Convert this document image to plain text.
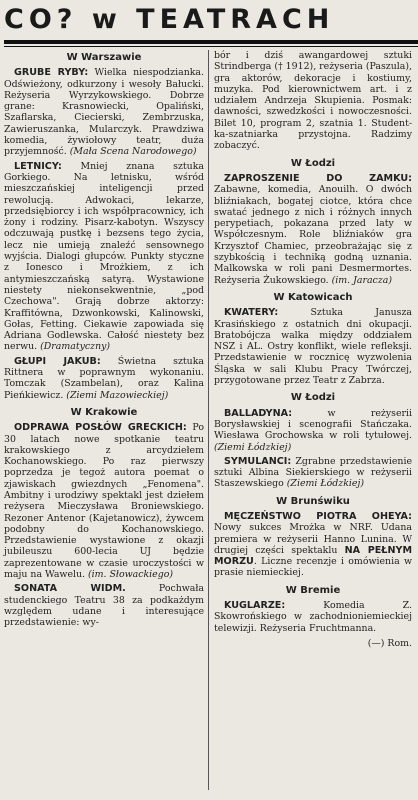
CO? w TEATRACH
W Warszawie

GRUBE RYBY: Wielka niespodzianka. Odświeżony, odkurzony i wesoły Bałucki. Reżyseria Wyrzykowskiego. Dobrze grane: Krasnowiecki, Opaliński, Szaflarska, Ciecierski, Zembrzuska, Zawieruszanka, Mularczyk. Prawdziwa komedia, żywiołowy teatr, duża przyjemność. (Mała Scena Narodowego)

LETNICY: Mniej znana sztuka Gorkiego. Na letnisku, wśród mieszczańskiej inteligencji przed rewolucją. Adwokaci, lekarze, przedsiębiorcy i ich współpracownicy, ich żony i rodziny. Pisarz-kabotyn. Wszyscy odczuwają pustkę i bezsens tego życia, lecz nie umieją znaleźć sensownego wyjścia. Dialogi głupców. Punkty styczne z Ionesco i Mrożkiem, z ich antymieszczańską satyrą. Wystawione niestety niekonsekwentnie, „pod Czechowa". Grają dobrze aktorzy: Kraffitówna, Dzwonkowski, Kalinowski, Gołas, Fetting. Ciekawie zapowiada się Adriana Godlewska. Całość niestety bez nerwu. (Dramatyczny)

GŁUPI JAKUB: Świetna sztuka Rittnera w poprawnym wykonaniu. Tomczak (Szambelan), oraz Kalina Pieńkiewicz. (Ziemi Mazowieckiej)

W Krakowie

ODPRAWA POSŁÓW GRECKICH: Po 30 latach nowe spotkanie teatru krakowskiego z arcydziełem Kochanowskiego. Po raz pierwszy poprzedza je tegoż autora poemat o zjawiskach gwiezdnych „Fenomena". Ambitny i urodziwy spektakl jest dziełem reżysera Mieczysława Broniewskiego. Rezoner Antenor (Kajetanowicz), żywcem podobny do Kochanowskiego. Przedstawienie wystawione z okazji jubileuszu 600-lecia UJ będzie zaprezentowane w czasie uroczystości w maju na Wawelu. (im. Słowackiego)

SONATA WIDM. Pochwała studenckiego Teatru 38 za podkażdym względem udane i interesujące przedstawienie: wy-

bór i dziś awangardowej sztuki Strindberga († 1912), reżyseria (Paszula), gra aktorów, dekoracje i kostiumy, muzyka. Pod kierownictwem art. i z udziałem Andrzeja Skupienia. Posmak: dawności, szwedzkości i nowoczesności. Bilet 10, program 2, szatnia 1. Student-ka-szatniarka przystojna. Radzimy zobaczyć.

W Łodzi

ZAPROSZENIE DO ZAMKU: Zabawne, komedia, Anouilh. O dwóch bliźniakach, bogatej ciotce, która chce swatać jednego z nich i różnych innych perypetiach, pokazana przed laty w Współczesnym. Role bliźniaków gra Krzysztof Chamiec, przeobrażając się z szybkością i techniką godną uznania. Malkowska w roli pani Desmermortes. Reżyseria Żukowskiego. (im. Jaracza)

W Katowicach

KWATERY: Sztuka Janusza Krasińskiego z ostatnich dni okupacji. Bratobójcza walka między oddziałem NSZ i AL. Ostry konflikt, wiele refleksji. Przedstawienie w rocznicę wyzwolenia Śląska w sali Klubu Pracy Twórczej, przygotowane przez Teatr z Zabrza.

W Łodzi

BALLADYNA: w reżyserii Borysławskiej i scenografii Stańczaka. Wiesława Grochowska w roli tytułowej. (Ziemi Łódzkiej)

SYMULANCI: Zgrabne przedstawienie sztuki Albina Siekierskiego w reżyserii Staszewskiego (Ziemi Łódzkiej)

W Brunświku

MĘCZEŃSTWO PIOTRA OHEYA: Nowy sukces Mrożka w NRF. Udana premiera w reżyserii Hanno Lunina. W drugiej części spektaklu NA PEŁNYM MORZU. Liczne recenzje i omówienia w prasie niemieckiej.

W Bremie

KUGLARZE: Komedia Z. Skowrońskiego w zachodnioniemieckiej telewizji. Reżyseria Fruchtmanna.

(—) Rom.
